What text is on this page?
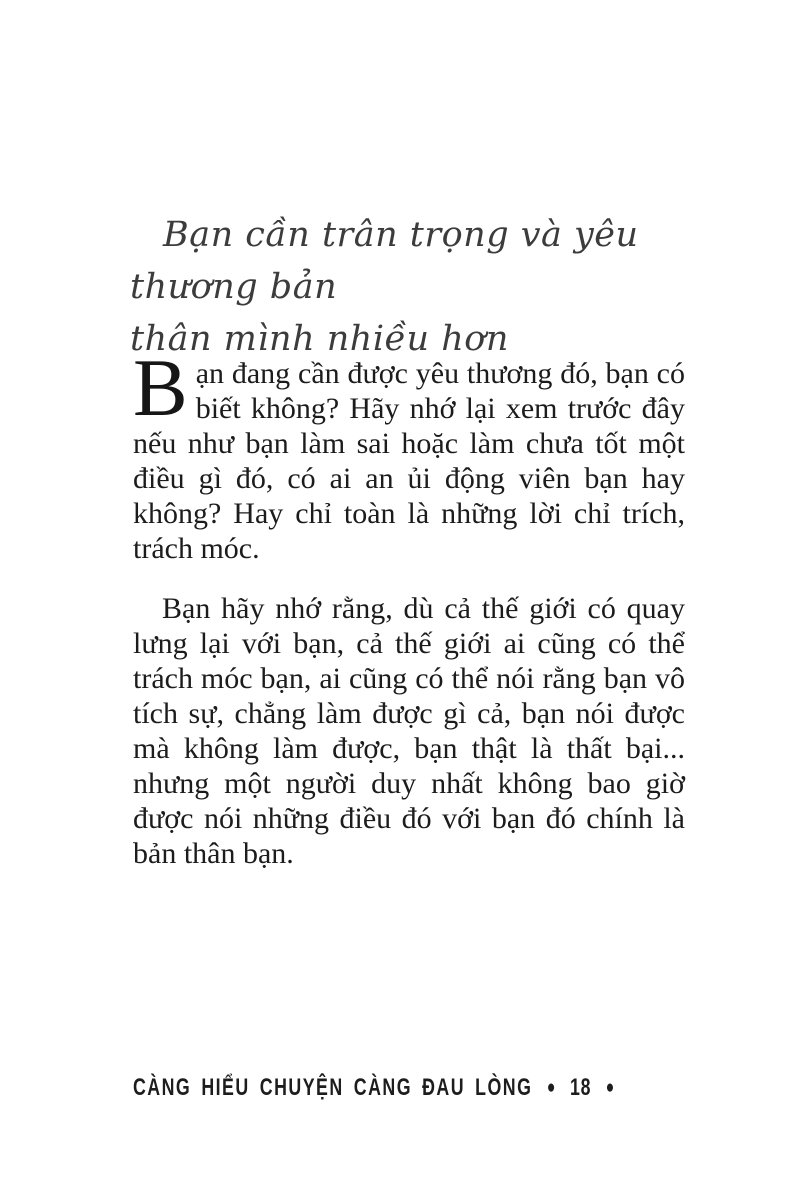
Bạn cần trân trọng và yêu thương bản
thân mình nhiều hơn

Bạn đang cần được yêu thương đó, bạn có biết không? Hãy nhớ lại xem trước đây nếu như bạn làm sai hoặc làm chưa tốt một điều gì đó, có ai an ủi động viên bạn hay không? Hay chỉ toàn là những lời chỉ trích, trách móc.

Bạn hãy nhớ rằng, dù cả thế giới có quay lưng lại với bạn, cả thế giới ai cũng có thể trách móc bạn, ai cũng có thể nói rằng bạn vô tích sự, chẳng làm được gì cả, bạn nói được mà không làm được, bạn thật là thất bại... nhưng một người duy nhất không bao giờ được nói những điều đó với bạn đó chính là bản thân bạn.

CÀNG HIỂU CHUYỆN CÀNG ĐAU LÒNG ● 18 ●
